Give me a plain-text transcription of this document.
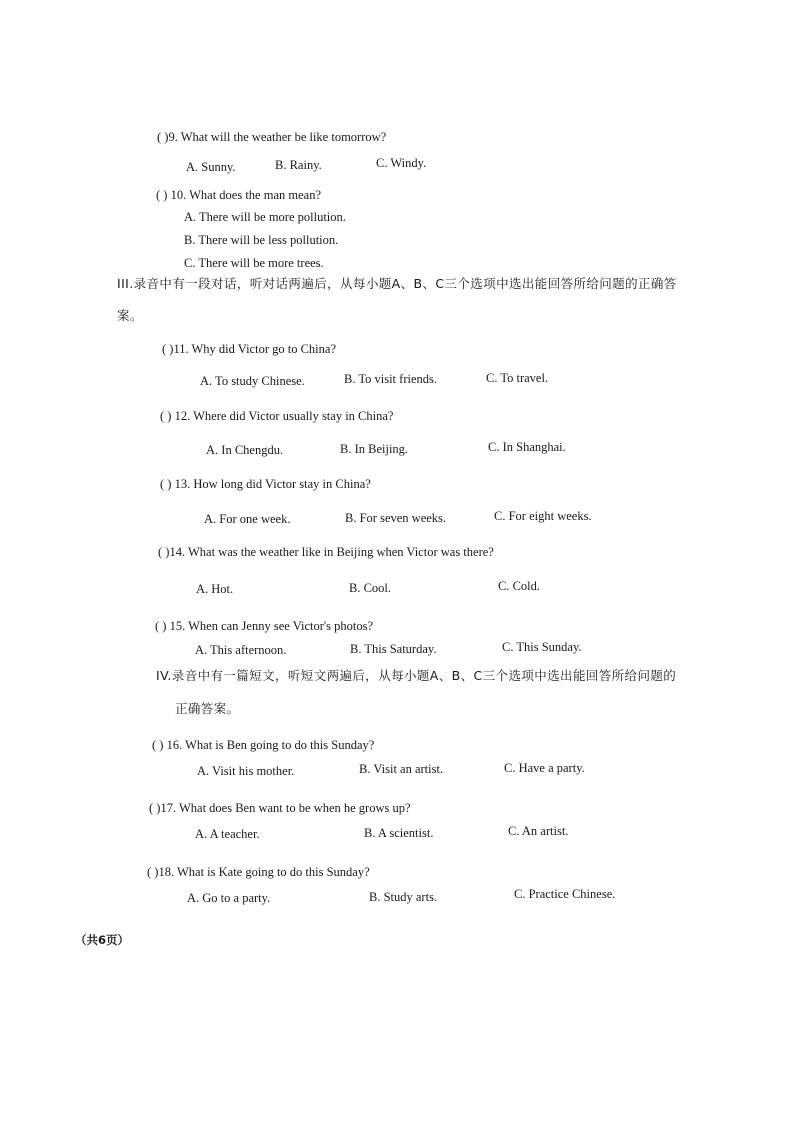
( )9. What will the weather be like tomorrow?
A. Sunny.	B. Rainy.	C. Windy.
( ) 10. What does the man mean?
A. There will be more pollution.
B. There will be less pollution.
C. There will be more trees.
III.录音中有一段对话，听对话两遍后，从每小题A、B、C三个选项中选出能回答所给问题的正确答
案。
( )11. Why did Victor go to China?
A. To study Chinese.	B. To visit friends.	C. To travel.
( ) 12. Where did Victor usually stay in China?
A. In Chengdu.	B. In Beijing.	C. In Shanghai.
( ) 13. How long did Victor stay in China?
A. For one week.	B. For seven weeks.	C. For eight weeks.
( )14. What was the weather like in Beijing when Victor was there?
A. Hot.	B. Cool.	C. Cold.
( ) 15. When can Jenny see Victor's photos?
A. This afternoon.	B. This Saturday.	C. This Sunday.
IV.录音中有一篇短文，听短文两遍后，从每小题A、B、C三个选项中选出能回答所给问题的
正确答案。
( ) 16. What is Ben going to do this Sunday?
A. Visit his mother.	B. Visit an artist.	C. Have a party.
( )17. What does Ben want to be when he grows up?
A. A teacher.	B. A scientist.	C. An artist.
( )18. What is Kate going to do this Sunday?
A. Go to a party.	B. Study arts.	C. Practice Chinese.
（共6页）
